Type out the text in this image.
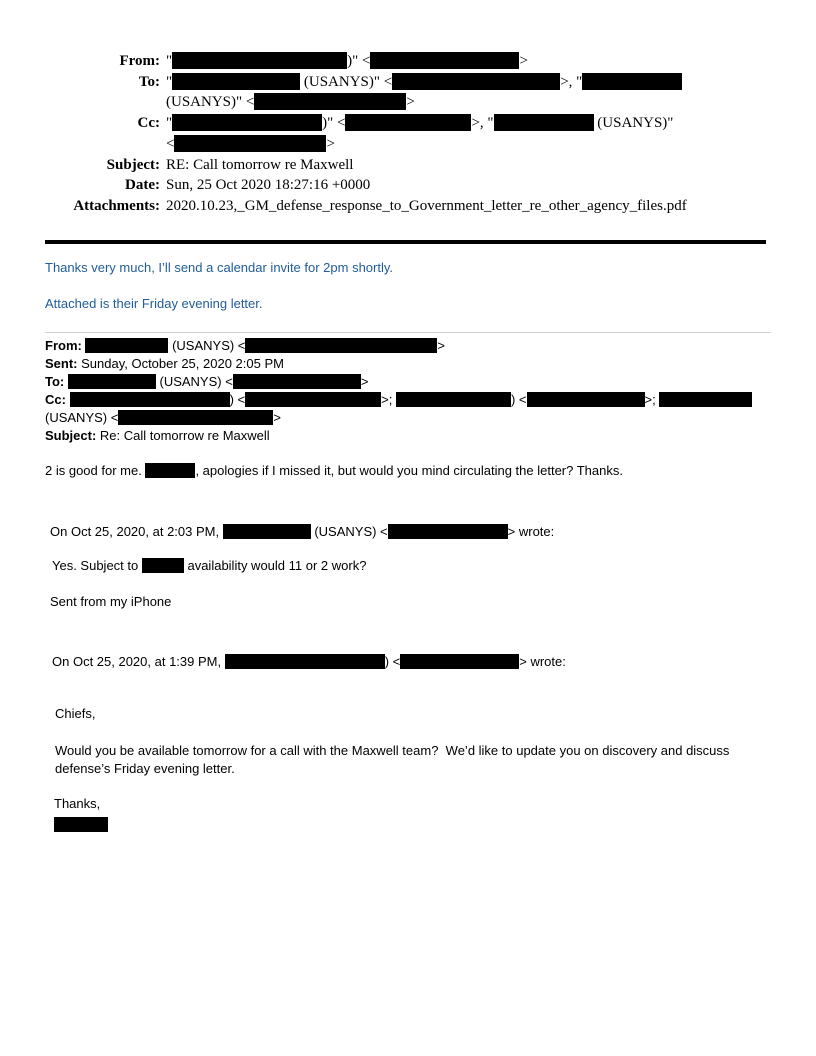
From: "	)" <	>
To: "	(USANYS)" <	>, "
(USANYS)" <	>
Cc: "	)" <	>, "	(USANYS)"
<	>
Subject: RE: Call tomorrow re Maxwell
Date: Sun, 25 Oct 2020 18:27:16 +0000
Attachments: 2020.10.23,_GM_defense_response_to_Government_letter_re_other_agency_files.pdf
Thanks very much, I’ll send a calendar invite for 2pm shortly.
Attached is their Friday evening letter.
From:	(USANYS) <	>
Sent: Sunday, October 25, 2020 2:05 PM
To:	(USANYS) <	>
Cc:	) <	>;	) <	>;
(USANYS) <	>
Subject: Re: Call tomorrow re Maxwell
2 is good for me.	, apologies if I missed it, but would you mind circulating the letter? Thanks.
On Oct 25, 2020, at 2:03 PM,	(USANYS) <	> wrote:
Yes. Subject to	availability would 11 or 2 work?
Sent from my iPhone
On Oct 25, 2020, at 1:39 PM,	) <	> wrote:
Chiefs,
Would you be available tomorrow for a call with the Maxwell team?  We’d like to update you on discovery and discuss defense’s Friday evening letter.
Thanks,
